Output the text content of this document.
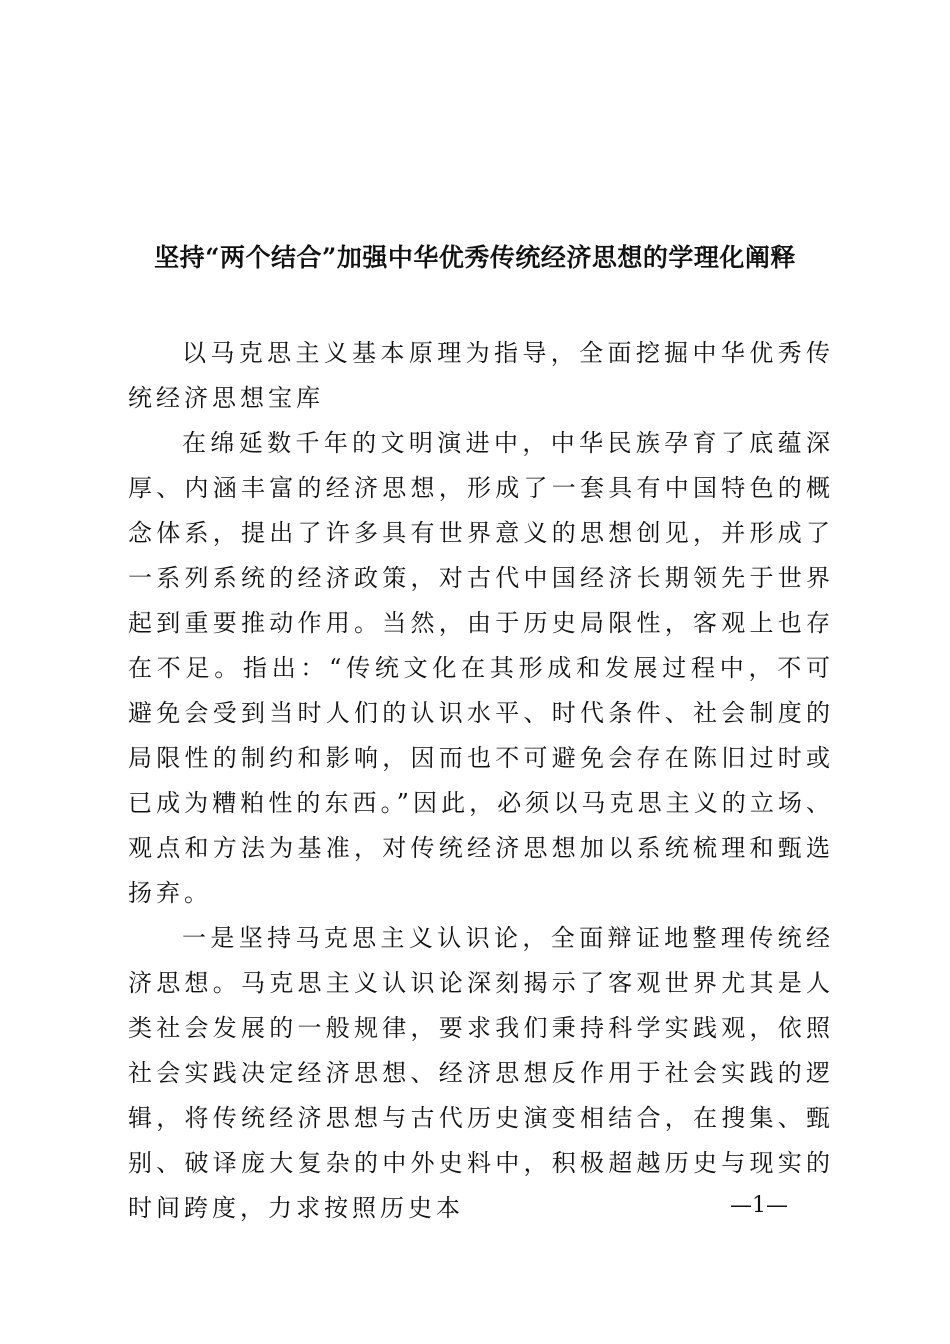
坚持“两个结合”加强中华优秀传统经济思想的学理化阐释

以马克思主义基本原理为指导，全面挖掘中华优秀传统经济思想宝库

在绵延数千年的文明演进中，中华民族孕育了底蕴深厚、内涵丰富的经济思想，形成了一套具有中国特色的概念体系，提出了许多具有世界意义的思想创见，并形成了一系列系统的经济政策，对古代中国经济长期领先于世界起到重要推动作用。当然，由于历史局限性，客观上也存在不足。指出：“传统文化在其形成和发展过程中，不可避免会受到当时人们的认识水平、时代条件、社会制度的局限性的制约和影响，因而也不可避免会存在陈旧过时或已成为糟粕性的东西。”因此，必须以马克思主义的立场、观点和方法为基准，对传统经济思想加以系统梳理和甄选扬弃。

一是坚持马克思主义认识论，全面辩证地整理传统经济思想。马克思主义认识论深刻揭示了客观世界尤其是人类社会发展的一般规律，要求我们秉持科学实践观，依照社会实践决定经济思想、经济思想反作用于社会实践的逻辑，将传统经济思想与古代历史演变相结合，在搜集、甄别、破译庞大复杂的中外史料中，积极超越历史与现实的时间跨度，力求按照历史本	—1—
